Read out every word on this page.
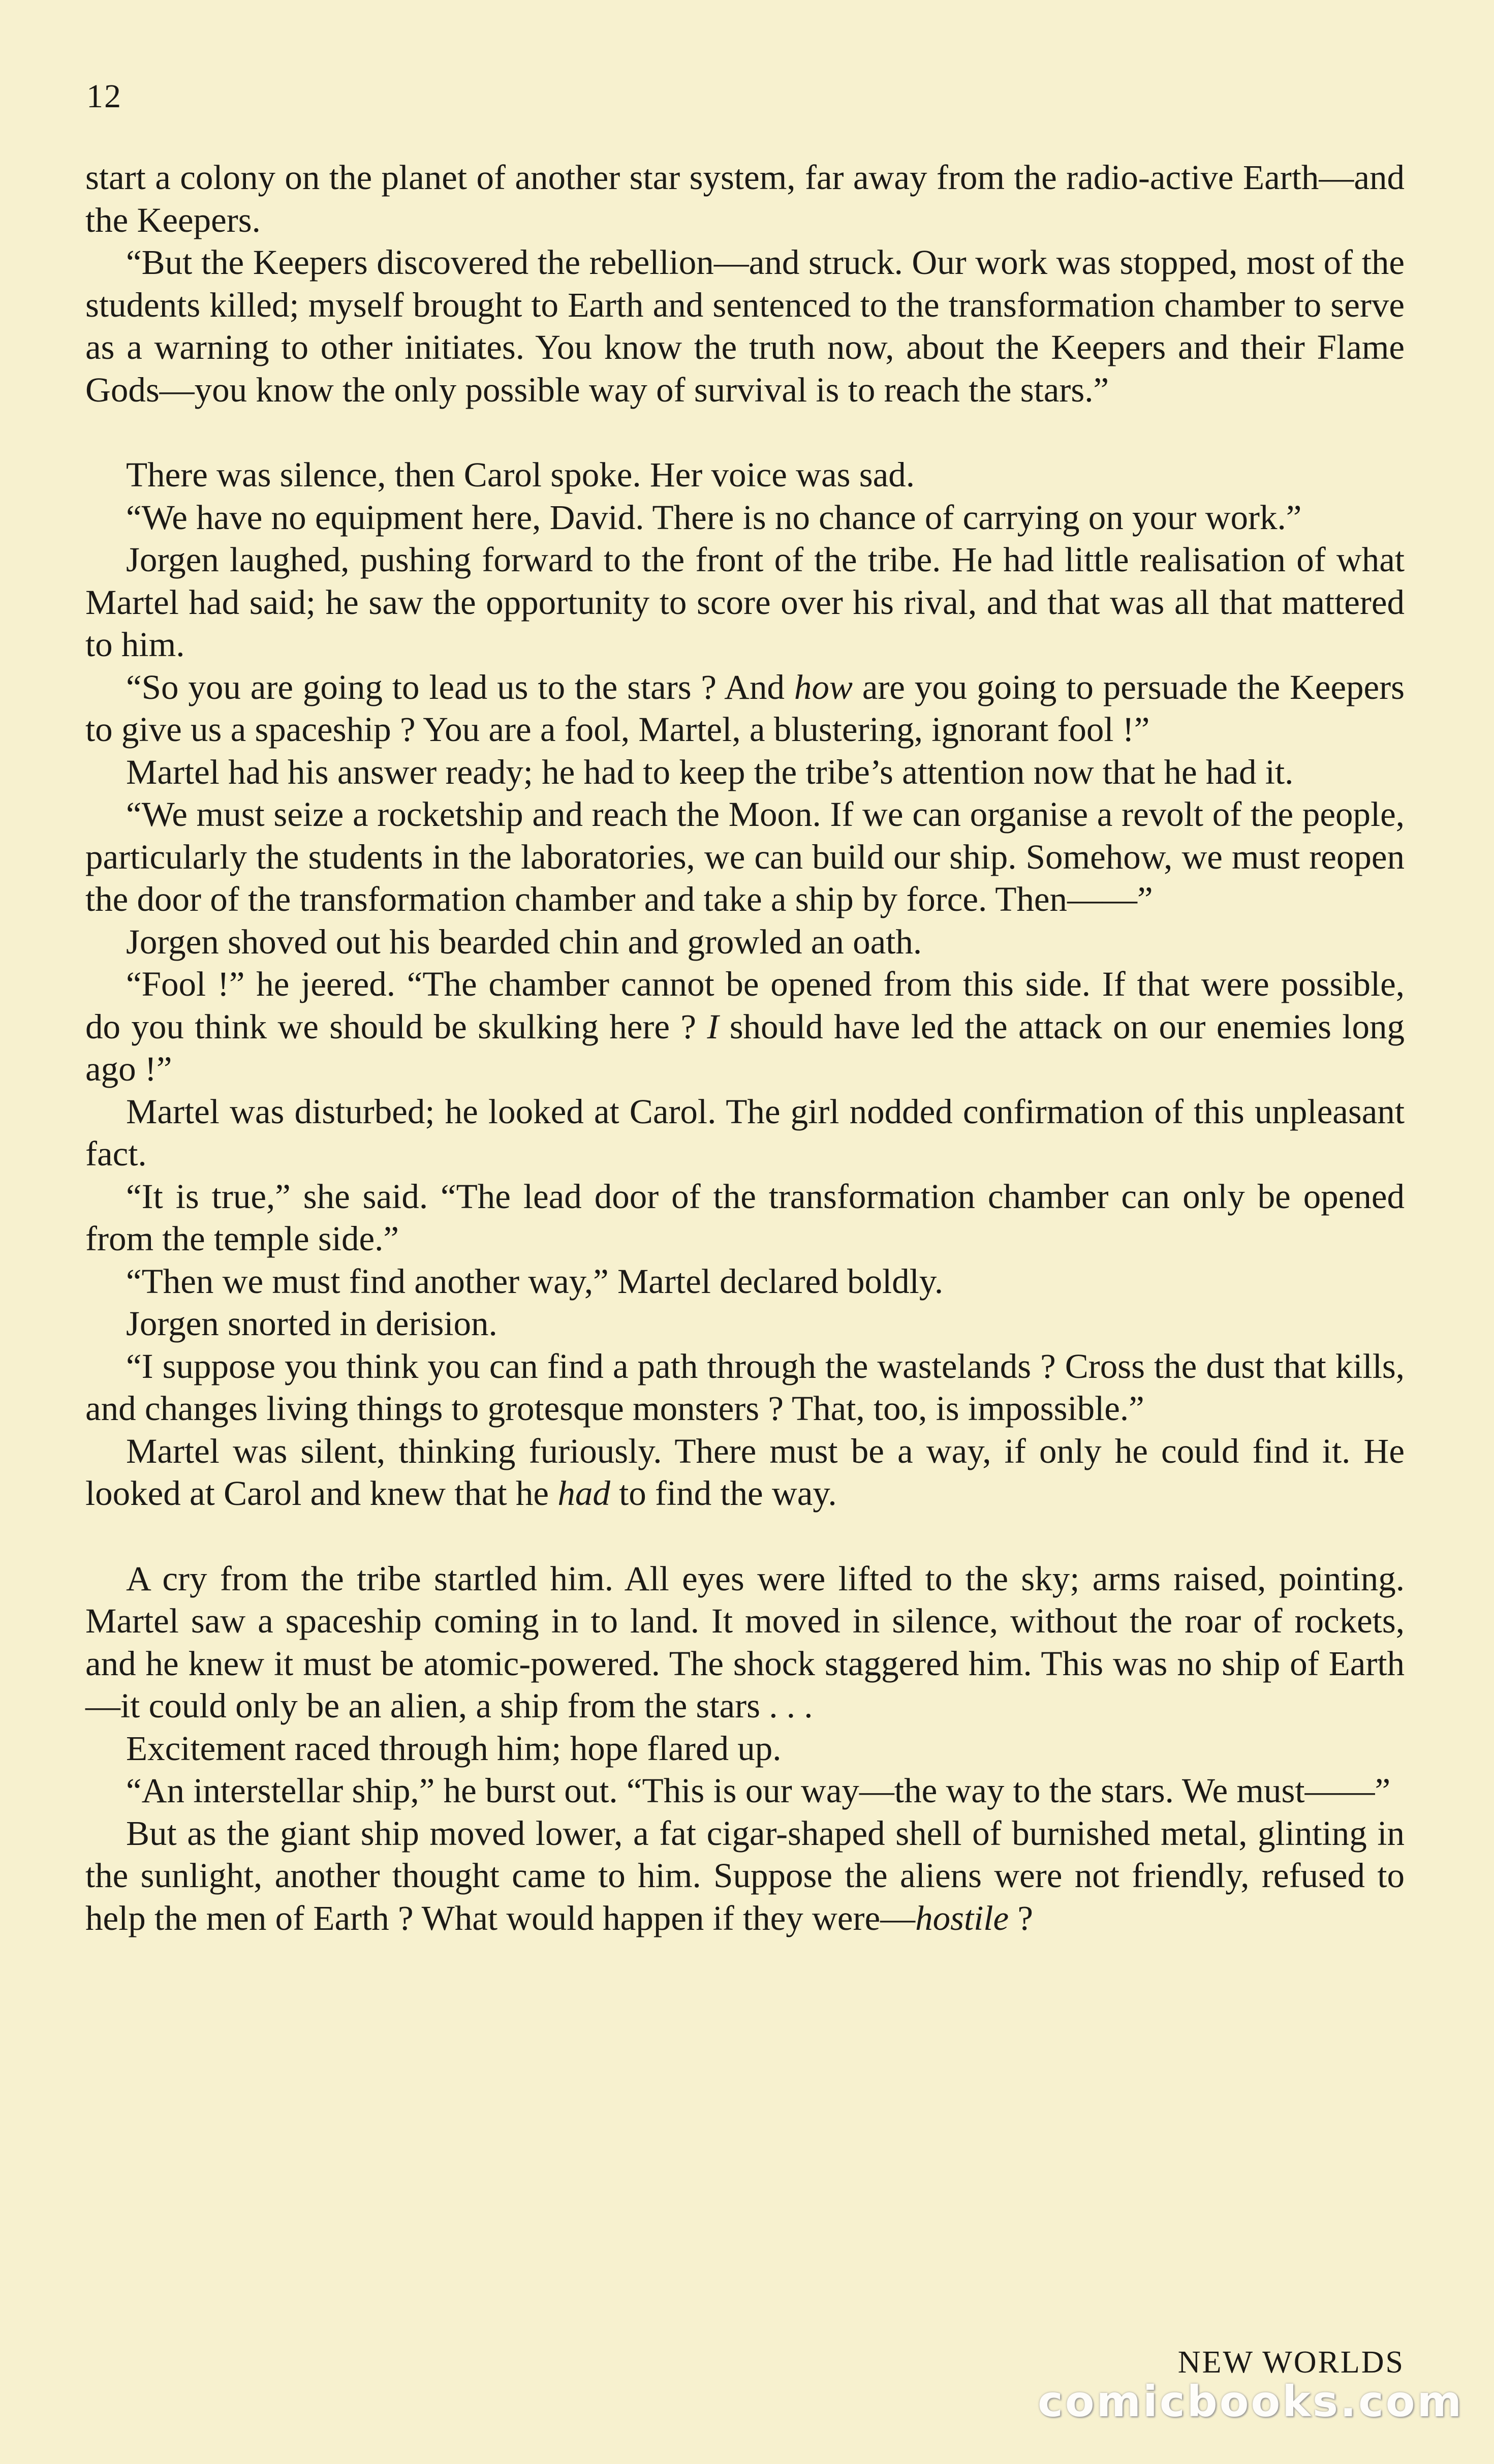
12

start a colony on the planet of another star system, far away from the radio-active Earth—and the Keepers.

“But the Keepers discovered the rebellion—and struck. Our work was stopped, most of the students killed; myself brought to Earth and sentenced to the transformation chamber to serve as a warning to other initiates. You know the truth now, about the Keepers and their Flame Gods—you know the only possible way of survival is to reach the stars.”

There was silence, then Carol spoke. Her voice was sad.

“We have no equipment here, David. There is no chance of carrying on your work.”

Jorgen laughed, pushing forward to the front of the tribe. He had little realisation of what Martel had said; he saw the opportunity to score over his rival, and that was all that mattered to him.

“So you are going to lead us to the stars ? And how are you going to persuade the Keepers to give us a spaceship ? You are a fool, Martel, a blustering, ignorant fool !”

Martel had his answer ready; he had to keep the tribe’s attention now that he had it.

“We must seize a rocketship and reach the Moon. If we can organise a revolt of the people, particularly the students in the laboratories, we can build our ship. Somehow, we must reopen the door of the transformation chamber and take a ship by force. Then——”

Jorgen shoved out his bearded chin and growled an oath.

“Fool !” he jeered. “The chamber cannot be opened from this side. If that were possible, do you think we should be skulking here ? I should have led the attack on our enemies long ago !”

Martel was disturbed; he looked at Carol. The girl nodded confirmation of this unpleasant fact.

“It is true,” she said. “The lead door of the transformation chamber can only be opened from the temple side.”

“Then we must find another way,” Martel declared boldly.

Jorgen snorted in derision.

“I suppose you think you can find a path through the wastelands ? Cross the dust that kills, and changes living things to grotesque monsters ? That, too, is impossible.”

Martel was silent, thinking furiously. There must be a way, if only he could find it. He looked at Carol and knew that he had to find the way.

A cry from the tribe startled him. All eyes were lifted to the sky; arms raised, pointing. Martel saw a spaceship coming in to land. It moved in silence, without the roar of rockets, and he knew it must be atomic-powered. The shock staggered him. This was no ship of Earth—it could only be an alien, a ship from the stars . . .

Excitement raced through him; hope flared up.

“An interstellar ship,” he burst out. “This is our way—the way to the stars. We must——”

But as the giant ship moved lower, a fat cigar-shaped shell of burnished metal, glinting in the sunlight, another thought came to him. Suppose the aliens were not friendly, refused to help the men of Earth ? What would happen if they were—hostile ?

NEW WORLDS
comicbooks.com
